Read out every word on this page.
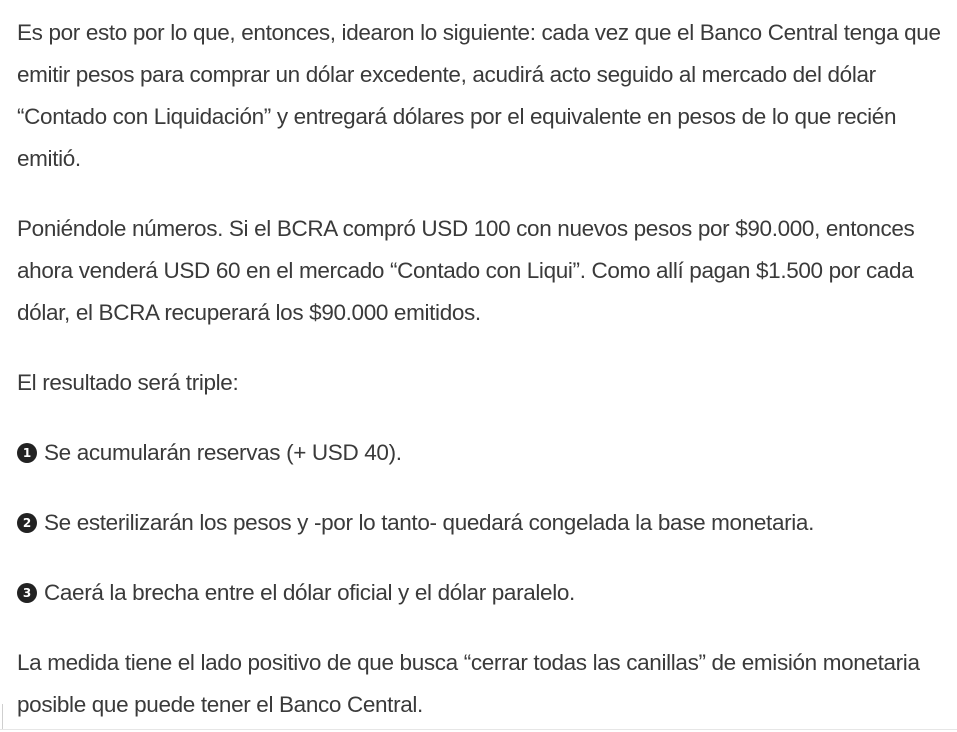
Es por esto por lo que, entonces, idearon lo siguiente: cada vez que el Banco Central tenga que emitir pesos para comprar un dólar excedente, acudirá acto seguido al mercado del dólar “Contado con Liquidación” y entregará dólares por el equivalente en pesos de lo que recién emitió.

Poniéndole números. Si el BCRA compró USD 100 con nuevos pesos por $90.000, entonces ahora venderá USD 60 en el mercado “Contado con Liqui”. Como allí pagan $1.500 por cada dólar, el BCRA recuperará los $90.000 emitidos.

El resultado será triple:

1 Se acumularán reservas (+ USD 40).

2 Se esterilizarán los pesos y -por lo tanto- quedará congelada la base monetaria.

3 Caerá la brecha entre el dólar oficial y el dólar paralelo.

La medida tiene el lado positivo de que busca “cerrar todas las canillas” de emisión monetaria posible que puede tener el Banco Central.
